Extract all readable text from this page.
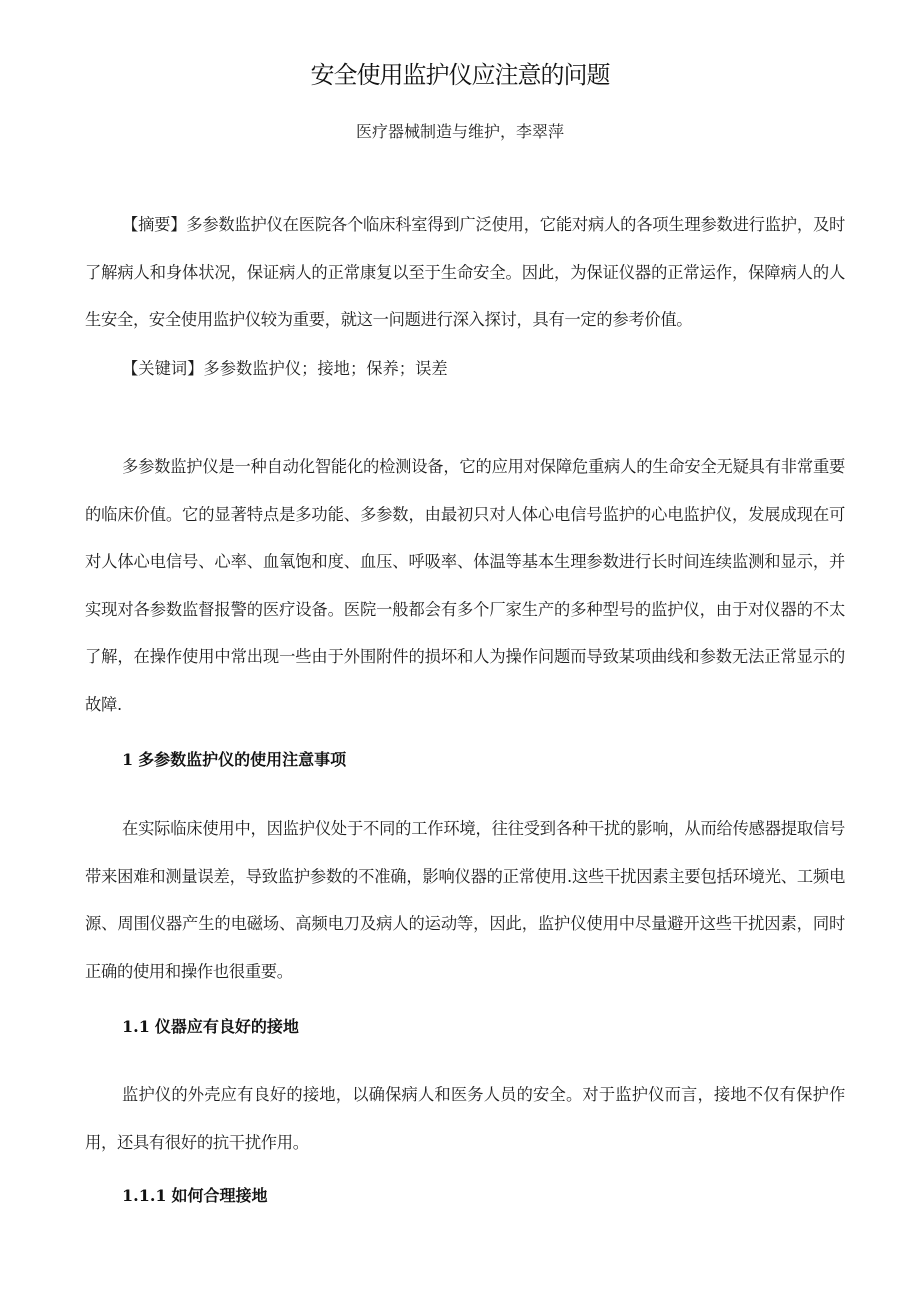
安全使用监护仪应注意的问题
医疗器械制造与维护，李翠萍

【摘要】多参数监护仪在医院各个临床科室得到广泛使用，它能对病人的各项生理参数进行监护，及时了解病人和身体状况，保证病人的正常康复以至于生命安全。因此，为保证仪器的正常运作，保障病人的人生安全，安全使用监护仪较为重要，就这一问题进行深入探讨，具有一定的参考价值。

【关键词】多参数监护仪；接地；保养；误差

多参数监护仪是一种自动化智能化的检测设备，它的应用对保障危重病人的生命安全无疑具有非常重要的临床价值。它的显著特点是多功能、多参数，由最初只对人体心电信号监护的心电监护仪，发展成现在可对人体心电信号、心率、血氧饱和度、血压、呼吸率、体温等基本生理参数进行长时间连续监测和显示，并实现对各参数监督报警的医疗设备。医院一般都会有多个厂家生产的多种型号的监护仪，由于对仪器的不太了解，在操作使用中常出现一些由于外围附件的损坏和人为操作问题而导致某项曲线和参数无法正常显示的故障.

1 多参数监护仪的使用注意事项

在实际临床使用中，因监护仪处于不同的工作环境，往往受到各种干扰的影响，从而给传感器提取信号带来困难和测量误差，导致监护参数的不准确，影响仪器的正常使用.这些干扰因素主要包括环境光、工频电源、周围仪器产生的电磁场、高频电刀及病人的运动等，因此，监护仪使用中尽量避开这些干扰因素，同时正确的使用和操作也很重要。

1.1 仪器应有良好的接地

监护仪的外壳应有良好的接地，以确保病人和医务人员的安全。对于监护仪而言，接地不仅有保护作用，还具有很好的抗干扰作用。

1.1.1 如何合理接地
